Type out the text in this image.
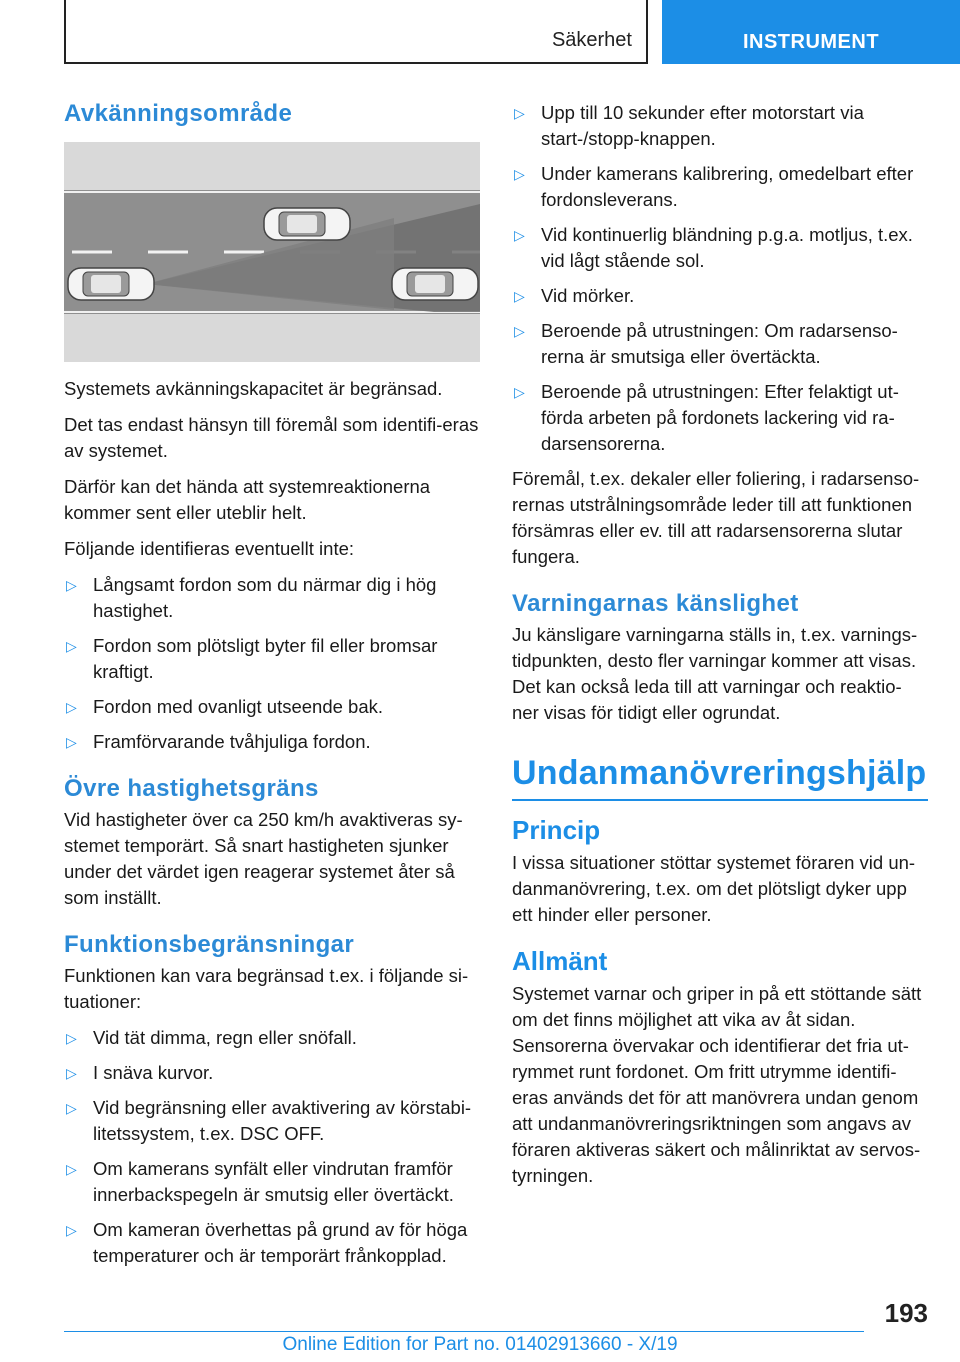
Säkerhet	INSTRUMENT
Avkänningsområde

Systemets avkänningskapacitet är begränsad.

Det tas endast hänsyn till föremål som identifi-eras av systemet.

Därför kan det hända att systemreaktionerna kommer sent eller uteblir helt.

Följande identifieras eventuellt inte:

▷ Långsamt fordon som du närmar dig i hög hastighet.
▷ Fordon som plötsligt byter fil eller bromsar kraftigt.
▷ Fordon med ovanligt utseende bak.
▷ Framförvarande tvåhjuliga fordon.
Övre hastighetsgräns

Vid hastigheter över ca 250 km/h avaktiveras sy-stemet temporärt. Så snart hastigheten sjunker under det värdet igen reagerar systemet åter så som inställt.

Funktionsbegränsningar

Funktionen kan vara begränsad t.ex. i följande si-tuationer:

▷ Vid tät dimma, regn eller snöfall.
▷ I snäva kurvor.
▷ Vid begränsning eller avaktivering av körstabi-litetssystem, t.ex. DSC OFF.
▷ Om kamerans synfält eller vindrutan framför innerbackspegeln är smutsig eller övertäckt.
▷ Om kameran överhettas på grund av för höga temperaturer och är temporärt frånkopplad.
▷ Upp till 10 sekunder efter motorstart via start-/stopp-knappen.
▷ Under kamerans kalibrering, omedelbart efter fordonsleverans.
▷ Vid kontinuerlig bländning p.g.a. motljus, t.ex. vid lågt stående sol.
▷ Vid mörker.
▷ Beroende på utrustningen: Om radarsenso-rerna är smutsiga eller övertäckta.
▷ Beroende på utrustningen: Efter felaktigt ut-förda arbeten på fordonets lackering vid ra-darsensorerna.

Föremål, t.ex. dekaler eller foliering, i radarsenso-rernas utstrålningsområde leder till att funktionen försämras eller ev. till att radarsensorerna slutar fungera.

Varningarnas känslighet

Ju känsligare varningarna ställs in, t.ex. varnings-tidpunkten, desto fler varningar kommer att visas. Det kan också leda till att varningar och reaktio-ner visas för tidigt eller ogrundat.

Undanmanövreringshjälp
Princip

I vissa situationer stöttar systemet föraren vid un-danmanövrering, t.ex. om det plötsligt dyker upp ett hinder eller personer.

Allmänt

Systemet varnar och griper in på ett stöttande sätt om det finns möjlighet att vika av åt sidan. Sensorerna övervakar och identifierar det fria ut-rymmet runt fordonet. Om fritt utrymme identifi-eras används det för att manövrera undan genom att undanmanövreringsriktningen som angavs av föraren aktiveras säkert och målinriktat av servos-tyrningen.

193
Online Edition for Part no. 01402913660 - X/19
